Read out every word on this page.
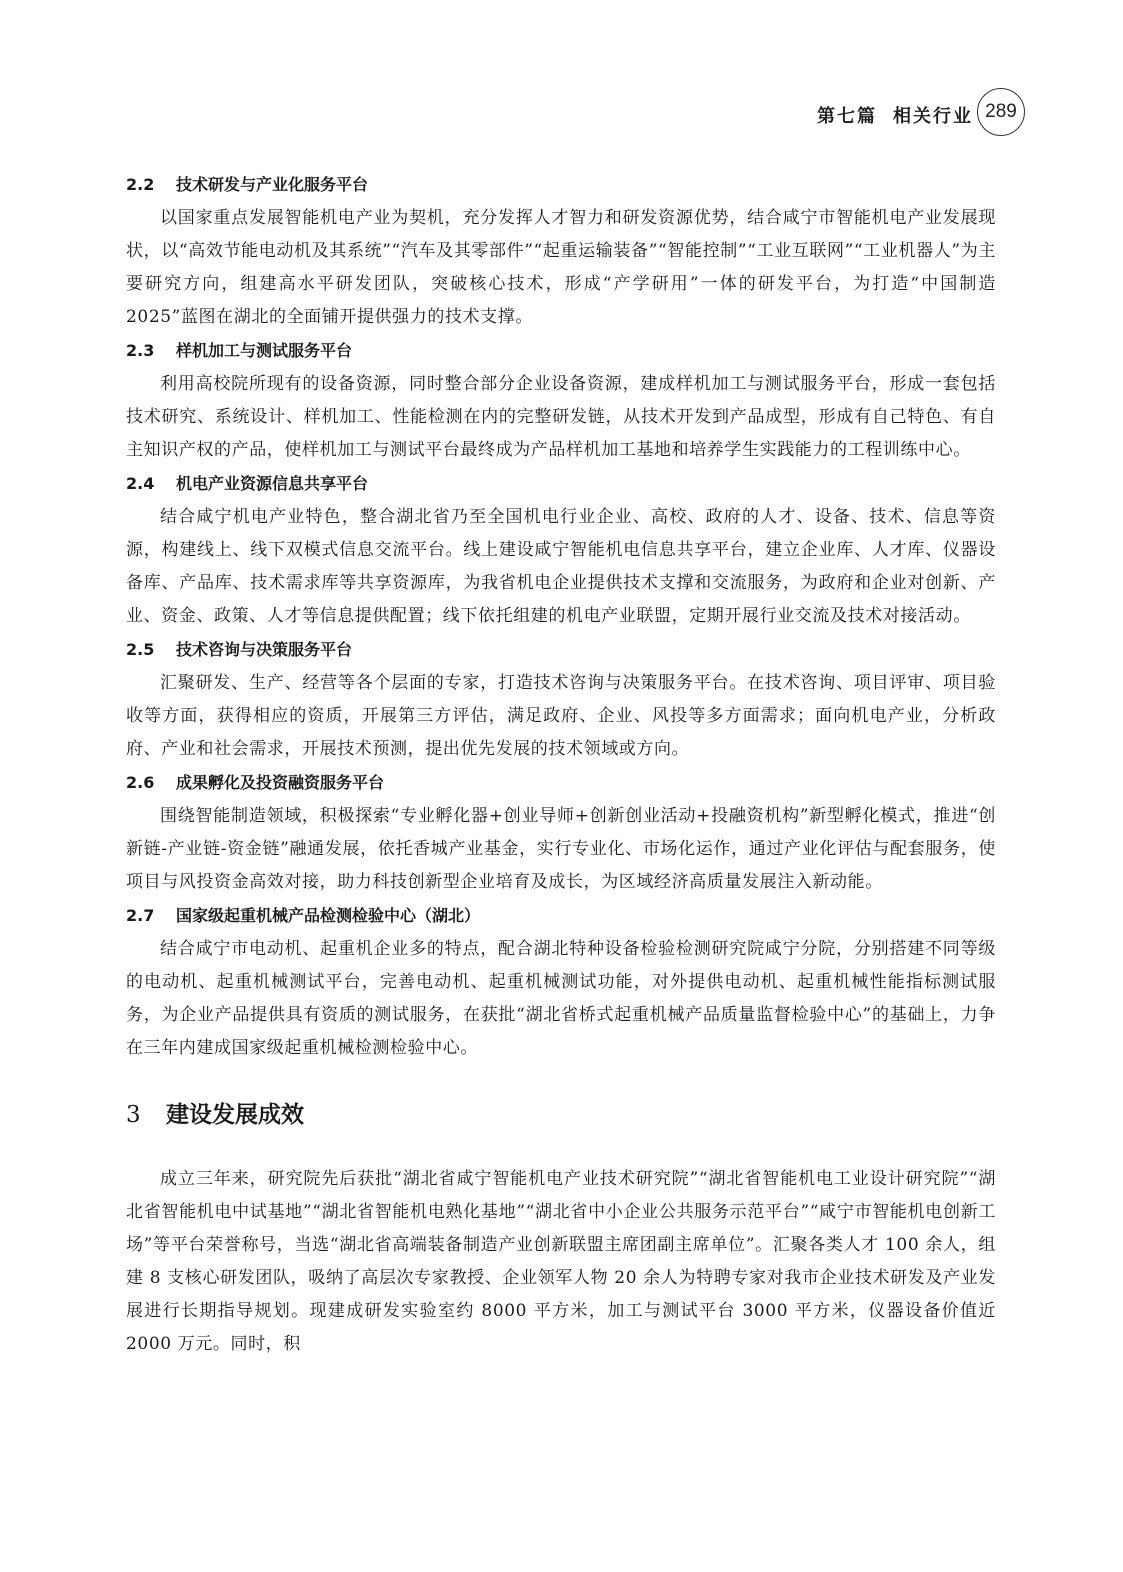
第七篇 相关行业 289
2.2 技术研发与产业化服务平台

以国家重点发展智能机电产业为契机，充分发挥人才智力和研发资源优势，结合咸宁市智能机电产业发展现状，以“高效节能电动机及其系统”“汽车及其零部件”“起重运输装备”“智能控制”“工业互联网”“工业机器人”为主要研究方向，组建高水平研发团队，突破核心技术，形成“产学研用”一体的研发平台，为打造“中国制造 2025”蓝图在湖北的全面铺开提供强力的技术支撑。

2.3 样机加工与测试服务平台

利用高校院所现有的设备资源，同时整合部分企业设备资源，建成样机加工与测试服务平台，形成一套包括技术研究、系统设计、样机加工、性能检测在内的完整研发链，从技术开发到产品成型，形成有自己特色、有自主知识产权的产品，使样机加工与测试平台最终成为产品样机加工基地和培养学生实践能力的工程训练中心。

2.4 机电产业资源信息共享平台

结合咸宁机电产业特色，整合湖北省乃至全国机电行业企业、高校、政府的人才、设备、技术、信息等资源，构建线上、线下双模式信息交流平台。线上建设咸宁智能机电信息共享平台，建立企业库、人才库、仪器设备库、产品库、技术需求库等共享资源库，为我省机电企业提供技术支撑和交流服务，为政府和企业对创新、产业、资金、政策、人才等信息提供配置；线下依托组建的机电产业联盟，定期开展行业交流及技术对接活动。

2.5 技术咨询与决策服务平台

汇聚研发、生产、经营等各个层面的专家，打造技术咨询与决策服务平台。在技术咨询、项目评审、项目验收等方面，获得相应的资质，开展第三方评估，满足政府、企业、风投等多方面需求；面向机电产业，分析政府、产业和社会需求，开展技术预测，提出优先发展的技术领域或方向。

2.6 成果孵化及投资融资服务平台

围绕智能制造领域，积极探索“专业孵化器+创业导师+创新创业活动+投融资机构”新型孵化模式，推进“创新链-产业链-资金链”融通发展，依托香城产业基金，实行专业化、市场化运作，通过产业化评估与配套服务，使项目与风投资金高效对接，助力科技创新型企业培育及成长，为区域经济高质量发展注入新动能。

2.7 国家级起重机械产品检测检验中心（湖北）

结合咸宁市电动机、起重机企业多的特点，配合湖北特种设备检验检测研究院咸宁分院，分别搭建不同等级的电动机、起重机械测试平台，完善电动机、起重机械测试功能，对外提供电动机、起重机械性能指标测试服务，为企业产品提供具有资质的测试服务，在获批“湖北省桥式起重机械产品质量监督检验中心”的基础上，力争在三年内建成国家级起重机械检测检验中心。

3 建设发展成效

成立三年来，研究院先后获批“湖北省咸宁智能机电产业技术研究院”“湖北省智能机电工业设计研究院”“湖北省智能机电中试基地”“湖北省智能机电熟化基地”“湖北省中小企业公共服务示范平台”“咸宁市智能机电创新工场”等平台荣誉称号，当选“湖北省高端装备制造产业创新联盟主席团副主席单位”。汇聚各类人才 100 余人，组建 8 支核心研发团队，吸纳了高层次专家教授、企业领军人物 20 余人为特聘专家对我市企业技术研发及产业发展进行长期指导规划。现建成研发实验室约 8000 平方米，加工与测试平台 3000 平方米，仪器设备价值近 2000 万元。同时，积
